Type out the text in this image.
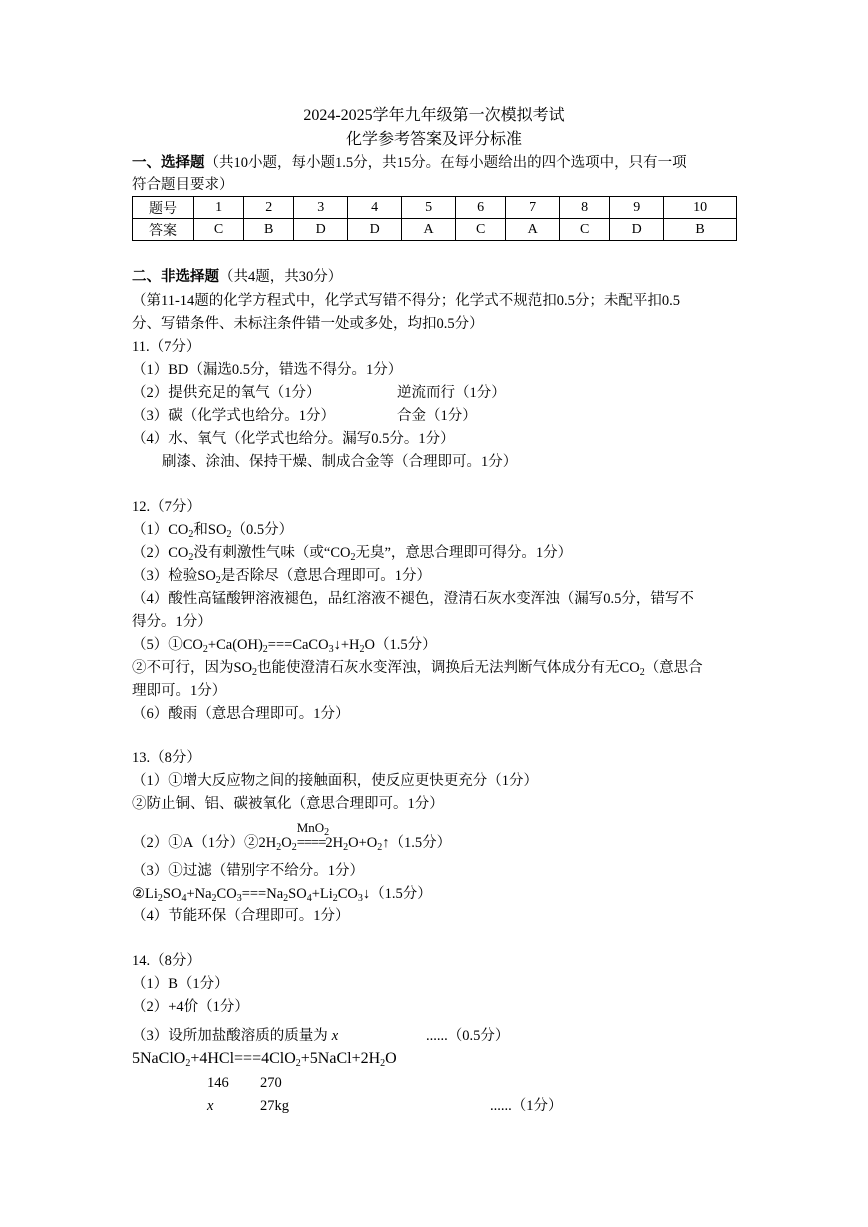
2024-2025学年九年级第一次模拟考试
化学参考答案及评分标准
一、选择题（共10小题，每小题1.5分，共15分。在每小题给出的四个选项中，只有一项
符合题目要求）
题号	1	2	3	4	5	6	7	8	9	10
答案	C	B	D	D	A	C	A	C	D	B
二、非选择题（共4题，共30分）
（第11-14题的化学方程式中，化学式写错不得分；化学式不规范扣0.5分；未配平扣0.5
分、写错条件、未标注条件错一处或多处，均扣0.5分）
11.（7分）
（1）BD（漏选0.5分，错选不得分。1分）
（2）提供充足的氧气（1分）	逆流而行（1分）
（3）碳（化学式也给分。1分）	合金（1分）
（4）水、氧气（化学式也给分。漏写0.5分。1分）
刷漆、涂油、保持干燥、制成合金等（合理即可。1分）
12.（7分）
$(1)CO_2$和$SO_2(0.5$分）
$(2)CO_2$没有刺激性气味（或“$CO_2$无臭”，意思合理即可得分。1分）
（3）检验$SO_2$是否除尽（意思合理即可。1分）
（4）酸性高锰酸钾溶液褪色，品红溶液不褪色，澄清石灰水变浑浊（漏写0.5分，错写不
得分。1分）
$(5)①CO_2+Ca(OH)_2===CaCO_3↓+H_2O(1.5$分）
②不可行，因为$SO_2$也能使澄清石灰水变浑浊，调换后无法判断气体成分有无$CO_2$（意思合
理即可。1分）
（6）酸雨（意思合理即可。1分）
13.（8分）
（1）①增大反应物之间的接触面积，使反应更快更充分（1分）
②防止铜、铝、碳被氧化（意思合理即可。1分）
（2）①A（1分）$②2H_2O_2$
MnO$_2$
$====2H_2O+O_2↑(1.5$分）
（3）①过滤（错别字不给分。1分）
$②Li_2SO_4+Na_2CO_3===Na_2SO_4+Li_2CO_3↓(1.5$分）
（4）节能环保（合理即可。1分）
14.（8分）
（1）B（1分）
（2）+4价（1分）
（3）设所加盐酸溶质的质量为 x	......（0.5分）
$5NaClO_2+4HCl===4ClO_2+5NaCl+2H_2O$
146 270
x	27kg	......（1分）
